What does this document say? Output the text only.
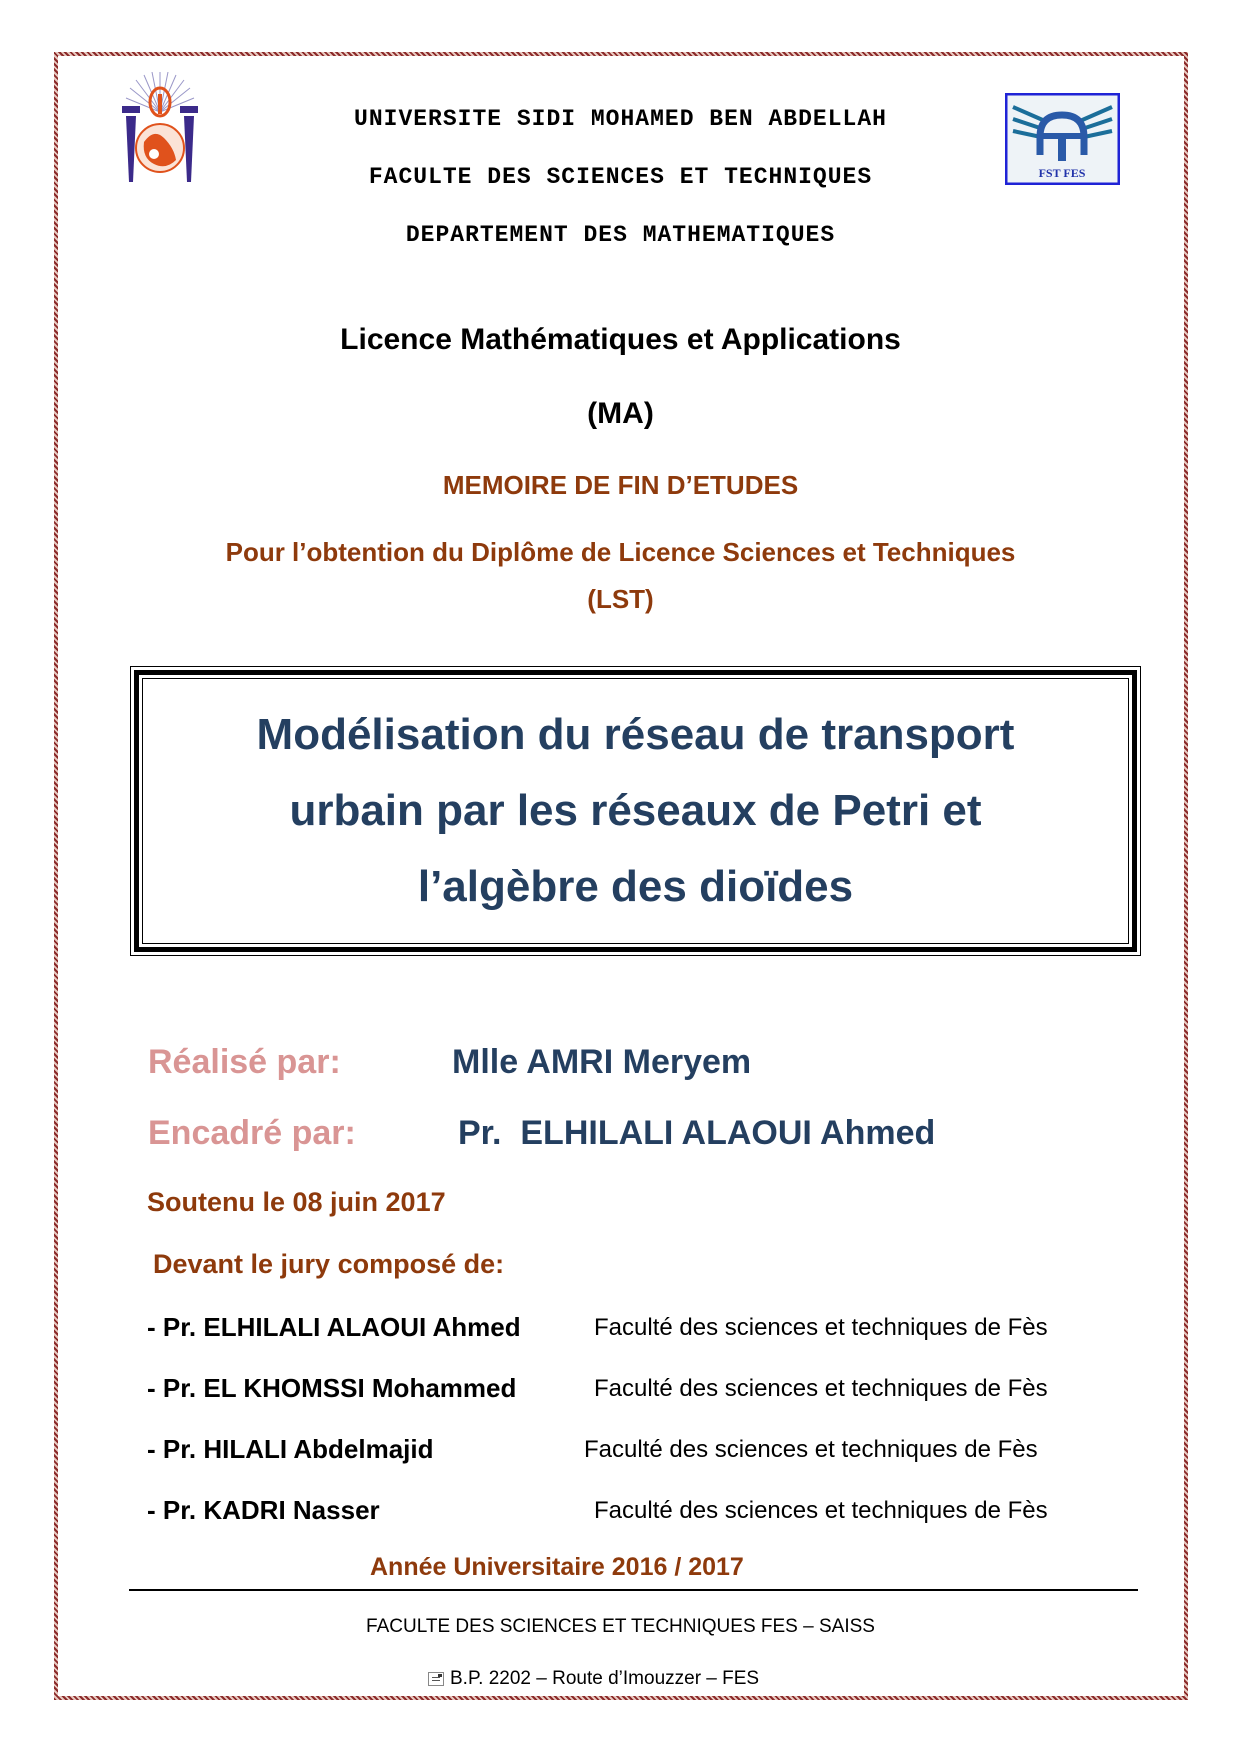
FST FES
UNIVERSITE SIDI MOHAMED BEN ABDELLAH
FACULTE DES SCIENCES ET TECHNIQUES
DEPARTEMENT DES MATHEMATIQUES
Licence Mathématiques et Applications
(MA)
MEMOIRE DE FIN D’ETUDES
Pour l’obtention du Diplôme de Licence Sciences et Techniques
(LST)
Modélisation du réseau de transport
urbain par les réseaux de Petri et
l’algèbre des dioïdes
Réalisé par:	Mlle AMRI Meryem
Encadré par:	Pr.  ELHILALI ALAOUI Ahmed
Soutenu le 08 juin 2017
Devant le jury composé de:
- Pr. ELHILALI ALAOUI Ahmed	Faculté des sciences et techniques de Fès
- Pr. EL KHOMSSI Mohammed	Faculté des sciences et techniques de Fès
- Pr. HILALI Abdelmajid	Faculté des sciences et techniques de Fès
- Pr. KADRI Nasser	Faculté des sciences et techniques de Fès
Année Universitaire 2016 / 2017
FACULTE DES SCIENCES ET TECHNIQUES FES – SAISS
B.P. 2202 – Route d’Imouzzer – FES
